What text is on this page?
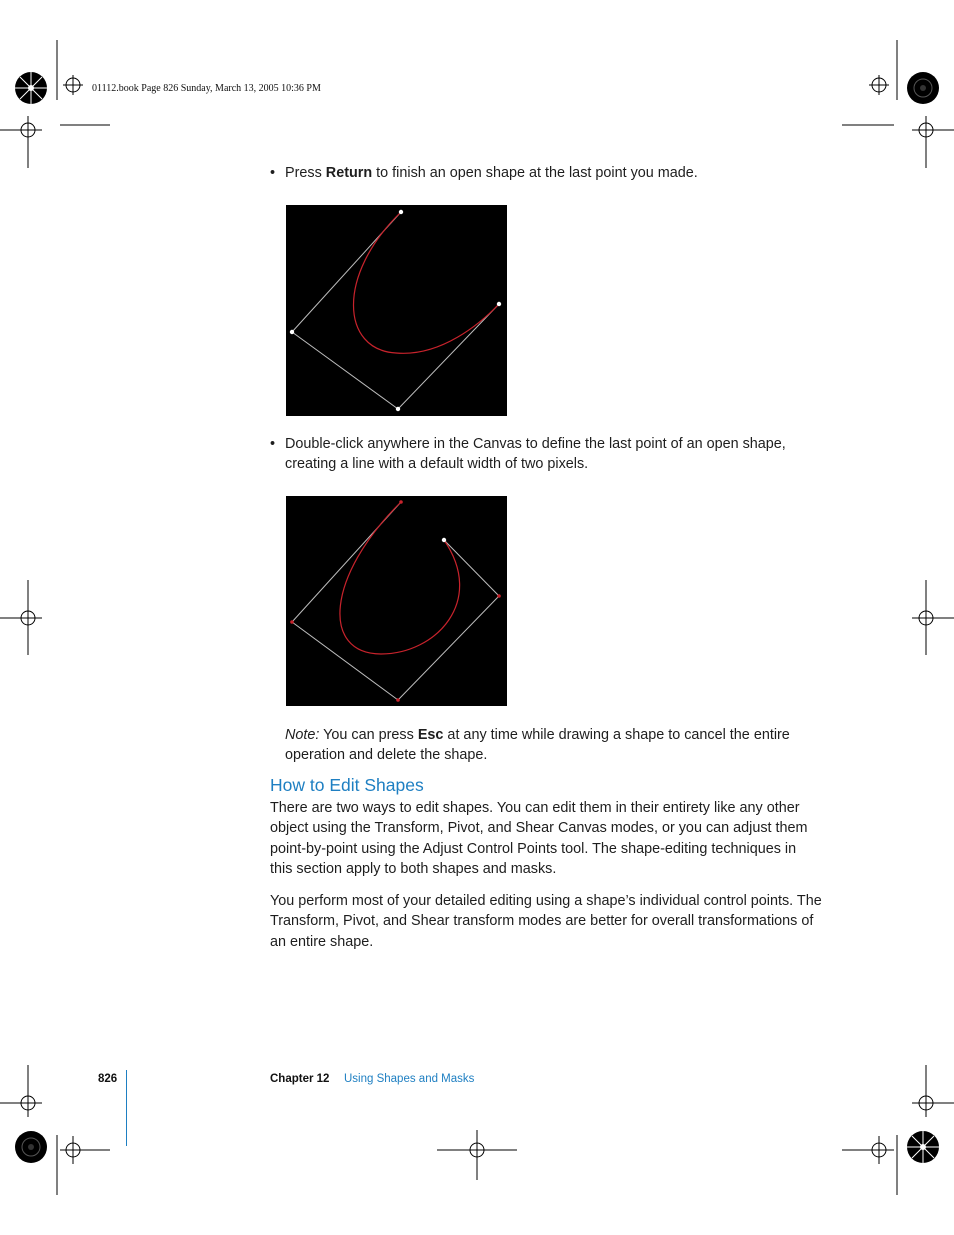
01112.book Page 826 Sunday, March 13, 2005 10:36 PM
• Press Return to finish an open shape at the last point you made.
• Double-click anywhere in the Canvas to define the last point of an open shape,
creating a line with a default width of two pixels.
Note: You can press Esc at any time while drawing a shape to cancel the entire
operation and delete the shape.
How to Edit Shapes
There are two ways to edit shapes. You can edit them in their entirety like any other
object using the Transform, Pivot, and Shear Canvas modes, or you can adjust them
point-by-point using the Adjust Control Points tool. The shape-editing techniques in
this section apply to both shapes and masks.
You perform most of your detailed editing using a shape’s individual control points. The
Transform, Pivot, and Shear transform modes are better for overall transformations of
an entire shape.
826	Chapter 12 Using Shapes and Masks
